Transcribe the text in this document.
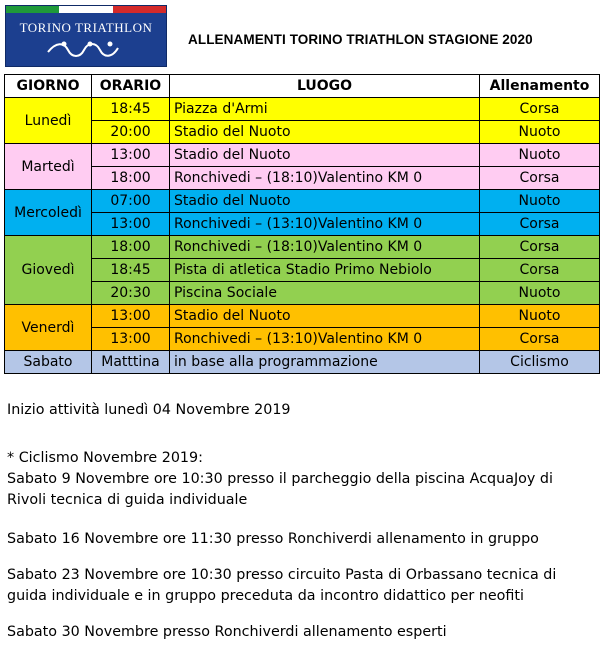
TORINO TRIATHLON
ALLENAMENTI TORINO TRIATHLON STAGIONE 2020
GIORNO	ORARIO	LUOGO	Allenamento
Lunedì	18:45	Piazza d'Armi	Corsa
	20:00	Stadio del Nuoto	Nuoto
Martedì	13:00	Stadio del Nuoto	Nuoto
	18:00	Ronchivedi – (18:10)Valentino KM 0	Corsa
Mercoledì	07:00	Stadio del Nuoto	Nuoto
	13:00	Ronchivedi – (13:10)Valentino KM 0	Corsa
Giovedì	18:00	Ronchivedi – (18:10)Valentino KM 0	Corsa
	18:45	Pista di atletica Stadio Primo Nebiolo	Corsa
	20:30	Piscina Sociale	Nuoto
Venerdì	13:00	Stadio del Nuoto	Nuoto
	13:00	Ronchivedi – (13:10)Valentino KM 0	Corsa
Sabato	Matttina	in base alla programmazione	Ciclismo
Inizio attività lunedì 04 Novembre 2019
* Ciclismo Novembre 2019:
Sabato 9 Novembre ore 10:30 presso il parcheggio della piscina AcquaJoy di Rivoli tecnica di guida individuale
Sabato 16 Novembre ore 11:30 presso Ronchiverdi allenamento in gruppo
Sabato 23 Novembre ore 10:30 presso circuito Pasta di Orbassano tecnica di guida individuale e in gruppo preceduta da incontro didattico per neofiti
Sabato 30 Novembre presso Ronchiverdi allenamento esperti
